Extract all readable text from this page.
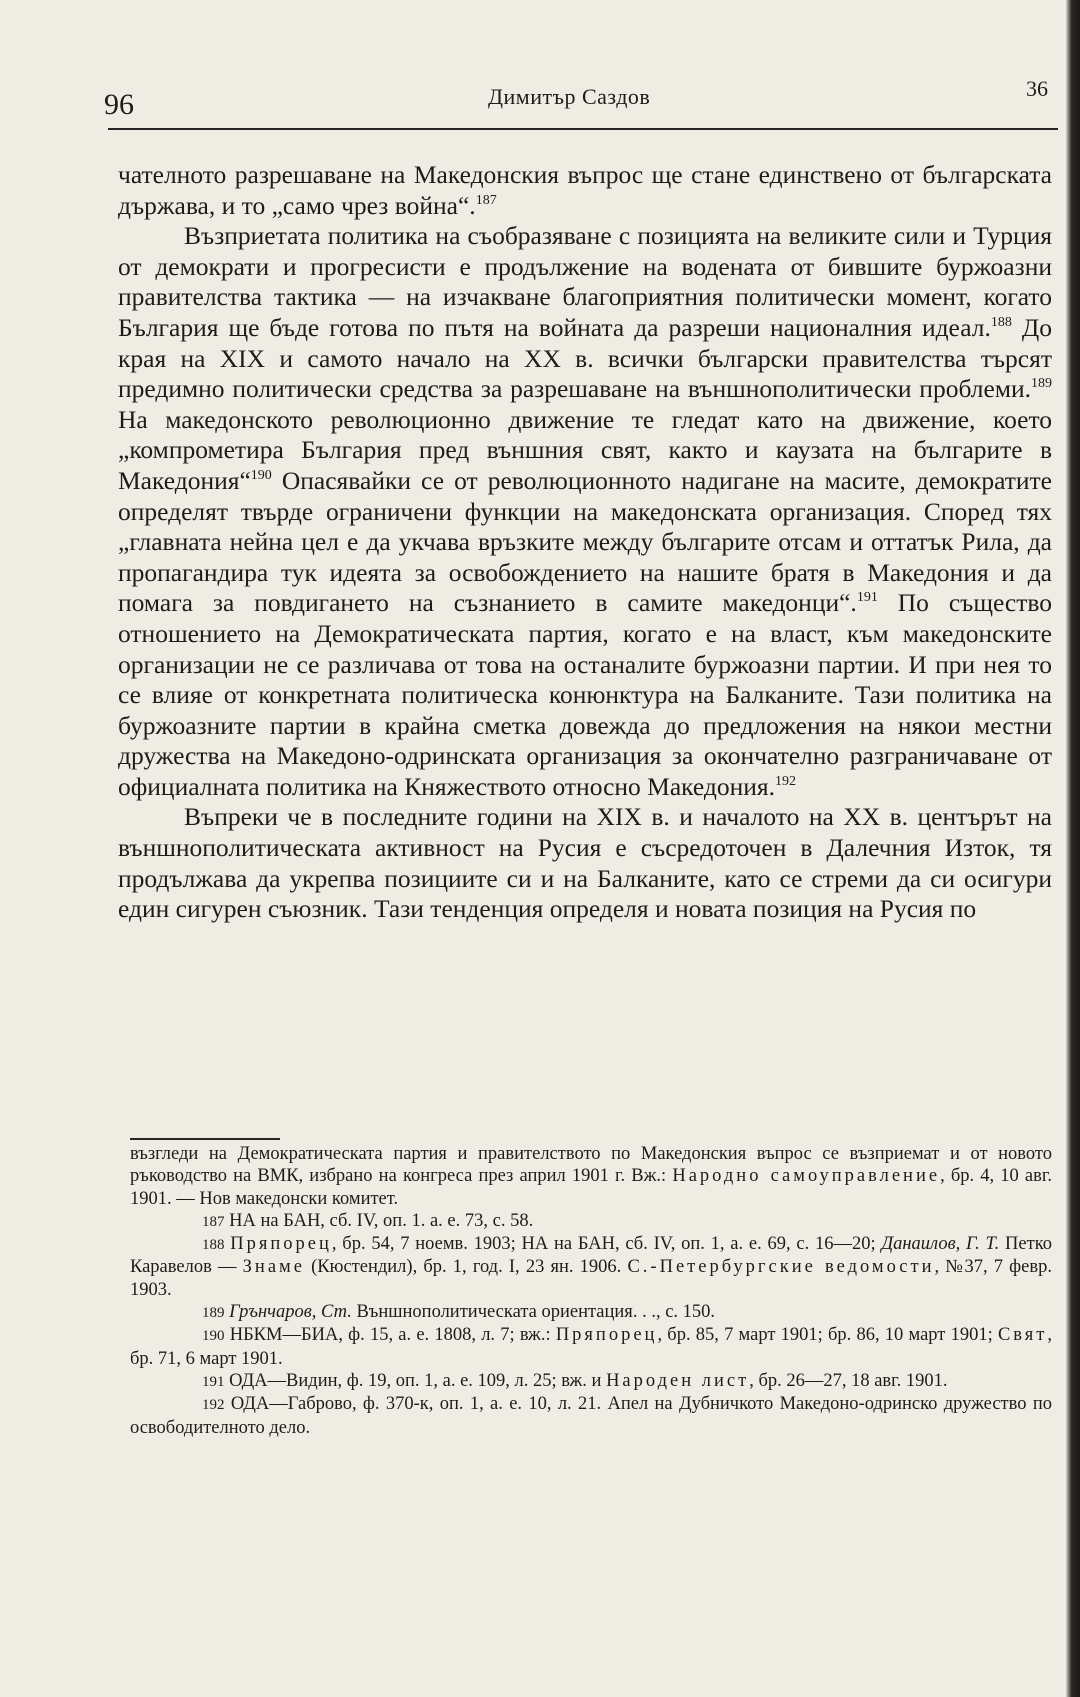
96	Димитър Саздов	36

чателното разрешаване на Македонския въпрос ще стане единствено от българската държава, и то „само чрез война“.$^{187}$

Възприетата политика на съобразяване с позицията на великите сили и Турция от демократи и прогресисти е продължение на водената от бившите буржоазни правителства тактика — на изчакване благоприятния политически момент, когато България ще бъде готова по пътя на войната да разреши националния идеал.$^{188}$ До края на XIX и самото начало на XX в. всички български правителства търсят предимно политически средства за разрешаване на външнополитически проблеми.$^{189}$ На македонското революционно движение те гледат като на движение, което „компрометира България пред външния свят, както и каузата на българите в Македония“$^{190}$ Опасявайки се от революционното надигане на масите, демократите определят твърде ограничени функции на македонската организация. Според тях „главната нейна цел е да укчава връзките между българите отсам и оттатък Рила, да пропагандира тук идеята за освобождението на нашите братя в Македония и да помага за повдигането на съзнанието в самите македонци“.$^{191}$ По същество отношението на Демократическата партия, когато е на власт, към македонските организации не се различава от това на останалите буржоазни партии. И при нея то се влияе от конкретната политическа конюнктура на Балканите. Тази политика на буржоазните партии в крайна сметка довежда до предложения на някои местни дружества на Македоно-одринската организация за окончателно разграничаване от официалната политика на Княжеството относно Македония.$^{192}$

Въпреки че в последните години на XIX в. и началото на XX в. центърът на външнополитическата активност на Русия е съсредоточен в Далечния Изток, тя продължава да укрепва позициите си и на Балканите, като се стреми да си осигури един сигурен съюзник. Тази тенденция определя и новата позиция на Русия по

възгледи на Демократическата партия и правителството по Македонския въпрос се възприемат и от новото ръководство на ВМК, избрано на конгреса през април 1901 г. Вж.: Народно самоуправление, бр. 4, 10 авг. 1901. — Нов македонски комитет.

187 НА на БАН, сб. IV, оп. 1. а. е. 73, с. 58.

188 Пряпорец, бр. 54, 7 ноемв. 1903; НА на БАН, сб. IV, оп. 1, а. е. 69, с. 16—20; Данаилов, Г. Т. Петко Каравелов — Знаме (Кюстендил), бр. 1, год. I, 23 ян. 1906. С.-Петербургские ведомости, №37, 7 февр. 1903.

189 Грънчаров, Ст. Външнополитическата ориентация. . ., с. 150.

190 НБКМ—БИА, ф. 15, а. е. 1808, л. 7; вж.: Пряпорец, бр. 85, 7 март 1901; бр. 86, 10 март 1901; Свят, бр. 71, 6 март 1901.

191 ОДА—Видин, ф. 19, оп. 1, а. е. 109, л. 25; вж. и Народен лист, бр. 26—27, 18 авг. 1901.

192 ОДА—Габрово, ф. 370-к, оп. 1, а. е. 10, л. 21. Апел на Дубничкото Македоно-одринско дружество по освободителното дело.
